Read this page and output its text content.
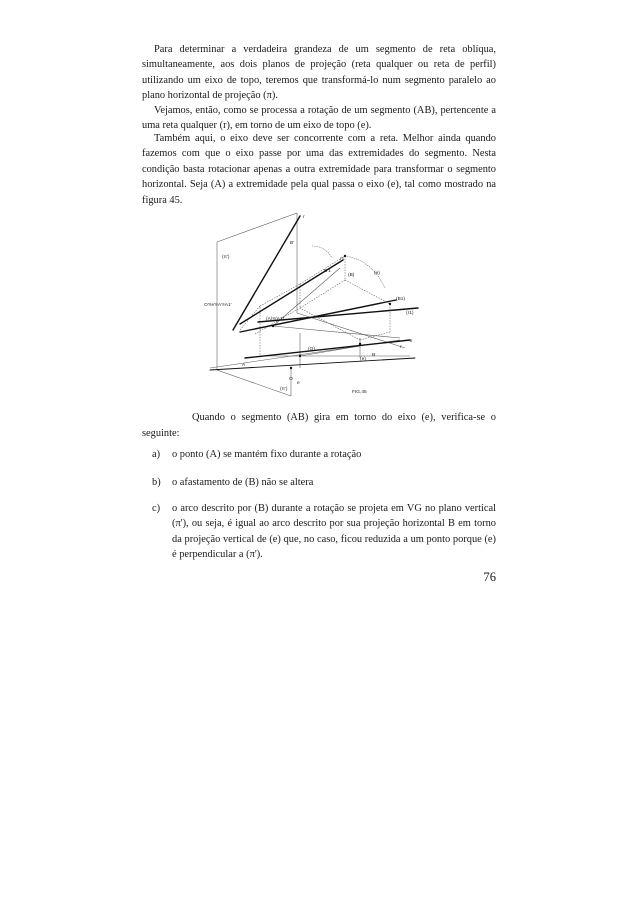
Para determinar a verdadeira grandeza de um segmento de reta oblíqua, simultaneamente, aos dois planos de projeção (reta qualquer ou reta de perfil) utilizando um eixo de topo, teremos que transformá-lo num segmento paralelo ao plano horizontal de projeção (π).

Vejamos, então, como se processa a rotação de um segmento (AB), pertencente a uma reta qualquer (r), em torno de um eixo de topo (e).

Também aqui, o eixo deve ser concorrente com a reta. Melhor ainda quando fazemos com que o eixo passe por uma das extremidades do segmento. Nesta condição basta rotacionar apenas a outra extremidade para transformar o segmento horizontal. Seja (A) a extremidade pela qual passa o eixo (e), tal como mostrado na figura 45.

(π')
r
B'
r1
B'1
(B)	(e)
(B1)
(r1)
O'≡e'≡A'≡A1'
(A)≡(A1)
(O)
A
(e)
B
r
O
e
x
(π')
FIG.45

Quando o segmento (AB) gira em torno do eixo (e), verifica-se o seguinte:

a) o ponto (A) se mantém fixo durante a rotação
b) o afastamento de (B) não se altera
c) o arco descrito por (B) durante a rotação se projeta em VG no plano vertical (π'), ou seja, é igual ao arco descrito por sua projeção horizontal B em torno da projeção vertical de (e) que, no caso, ficou reduzida a um ponto porque (e) é perpendicular a (π').
76
